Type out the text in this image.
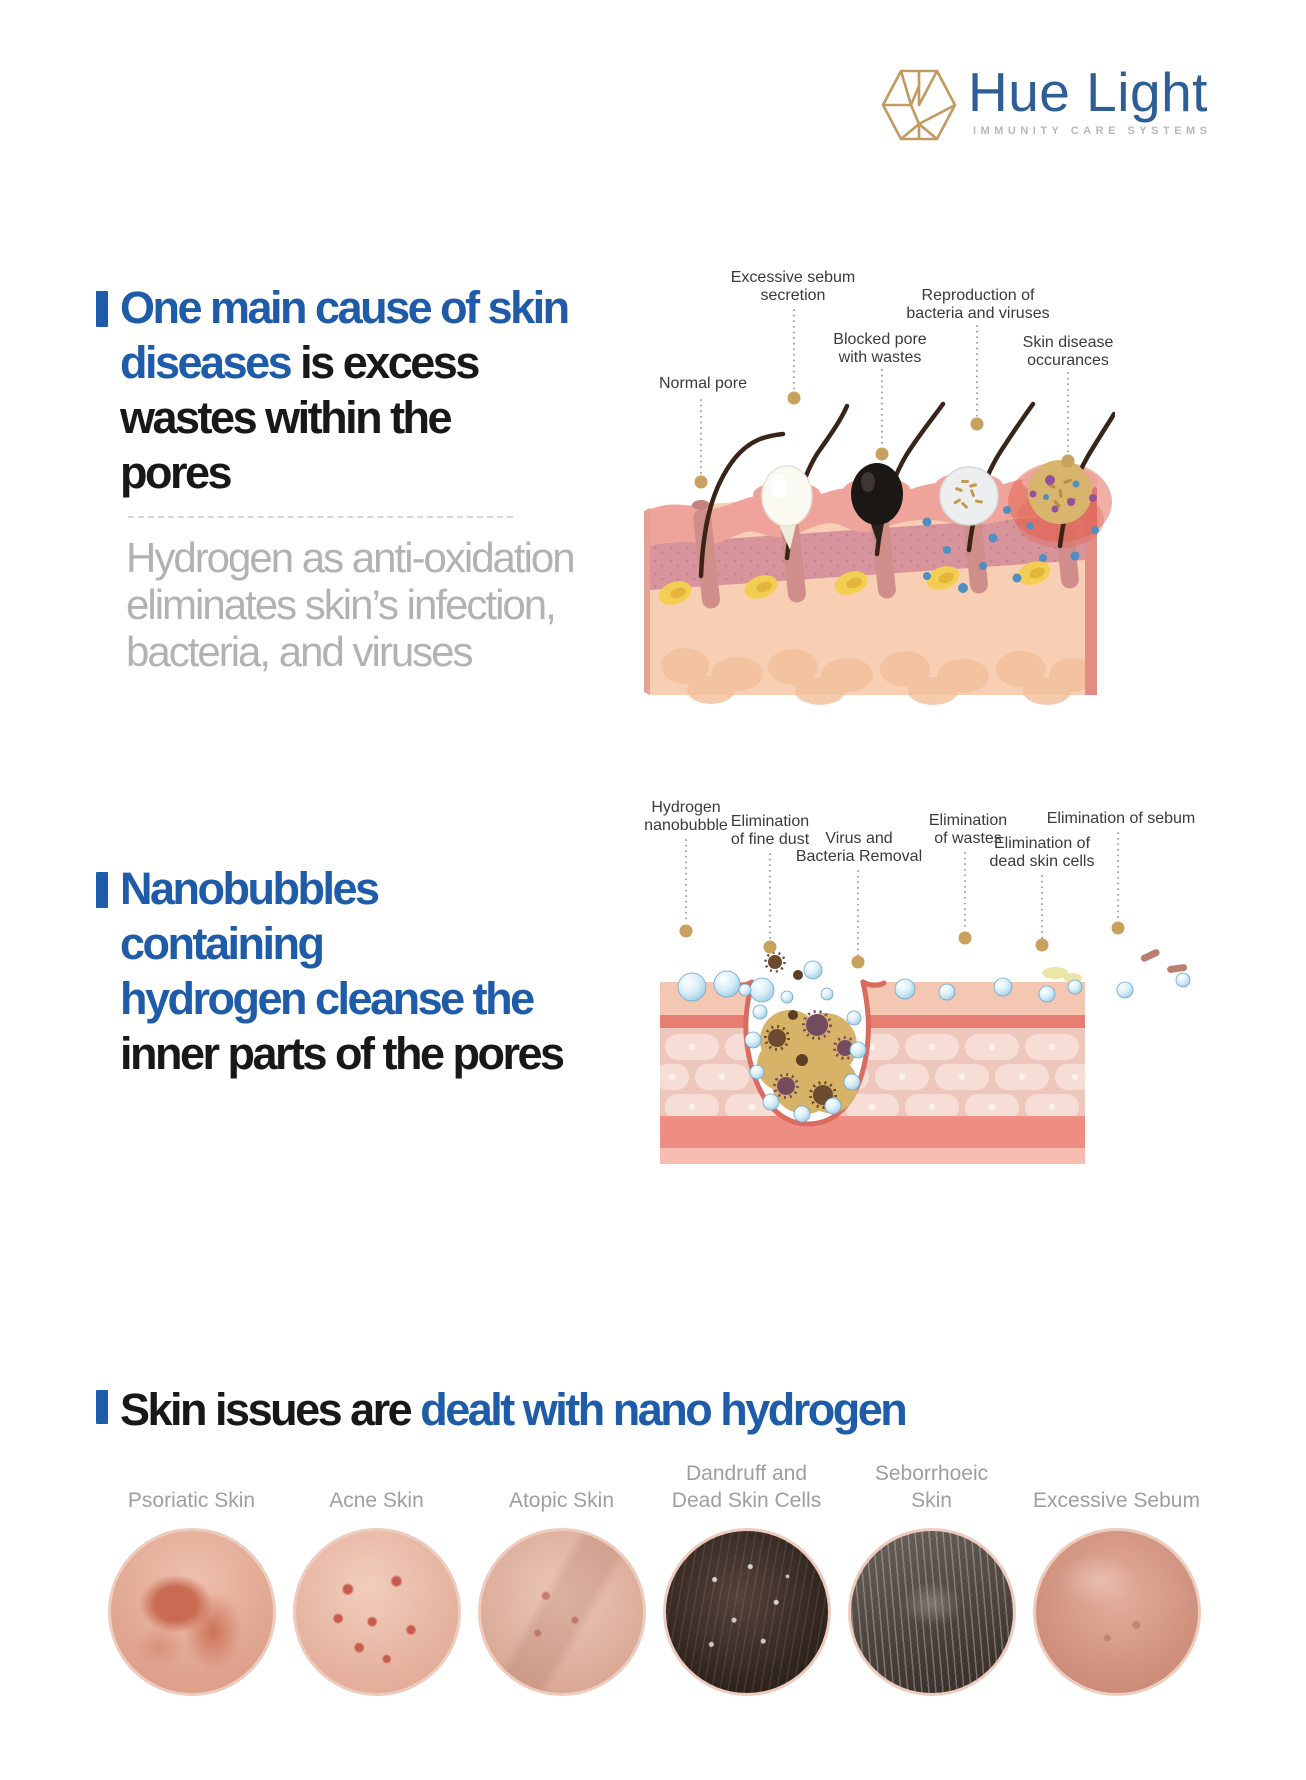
Hue Light
IMMUNITY CARE SYSTEMS
One main cause of skin
diseases is excess
wastes within the
pores
Hydrogen as anti-oxidation
eliminates skin’s infection,
bacteria, and viruses
Normal pore
Excessive sebum
secretion
Blocked pore
with wastes
Reproduction of
bacteria and viruses
Skin disease
occurances
Nanobubbles
containing
hydrogen cleanse the
inner parts of the pores
Hydrogen
nanobubble Elimination
of fine dust Virus and
Bacteria Removal
Elimination
of wastes
Elimination of
dead skin cells
Elimination of sebum
Skin issues are dealt with nano hydrogen
Psoriatic Skin	Acne Skin	Atopic Skin
Dandruff and
Dead Skin Cells
Seborrhoeic
Skin	Excessive Sebum
